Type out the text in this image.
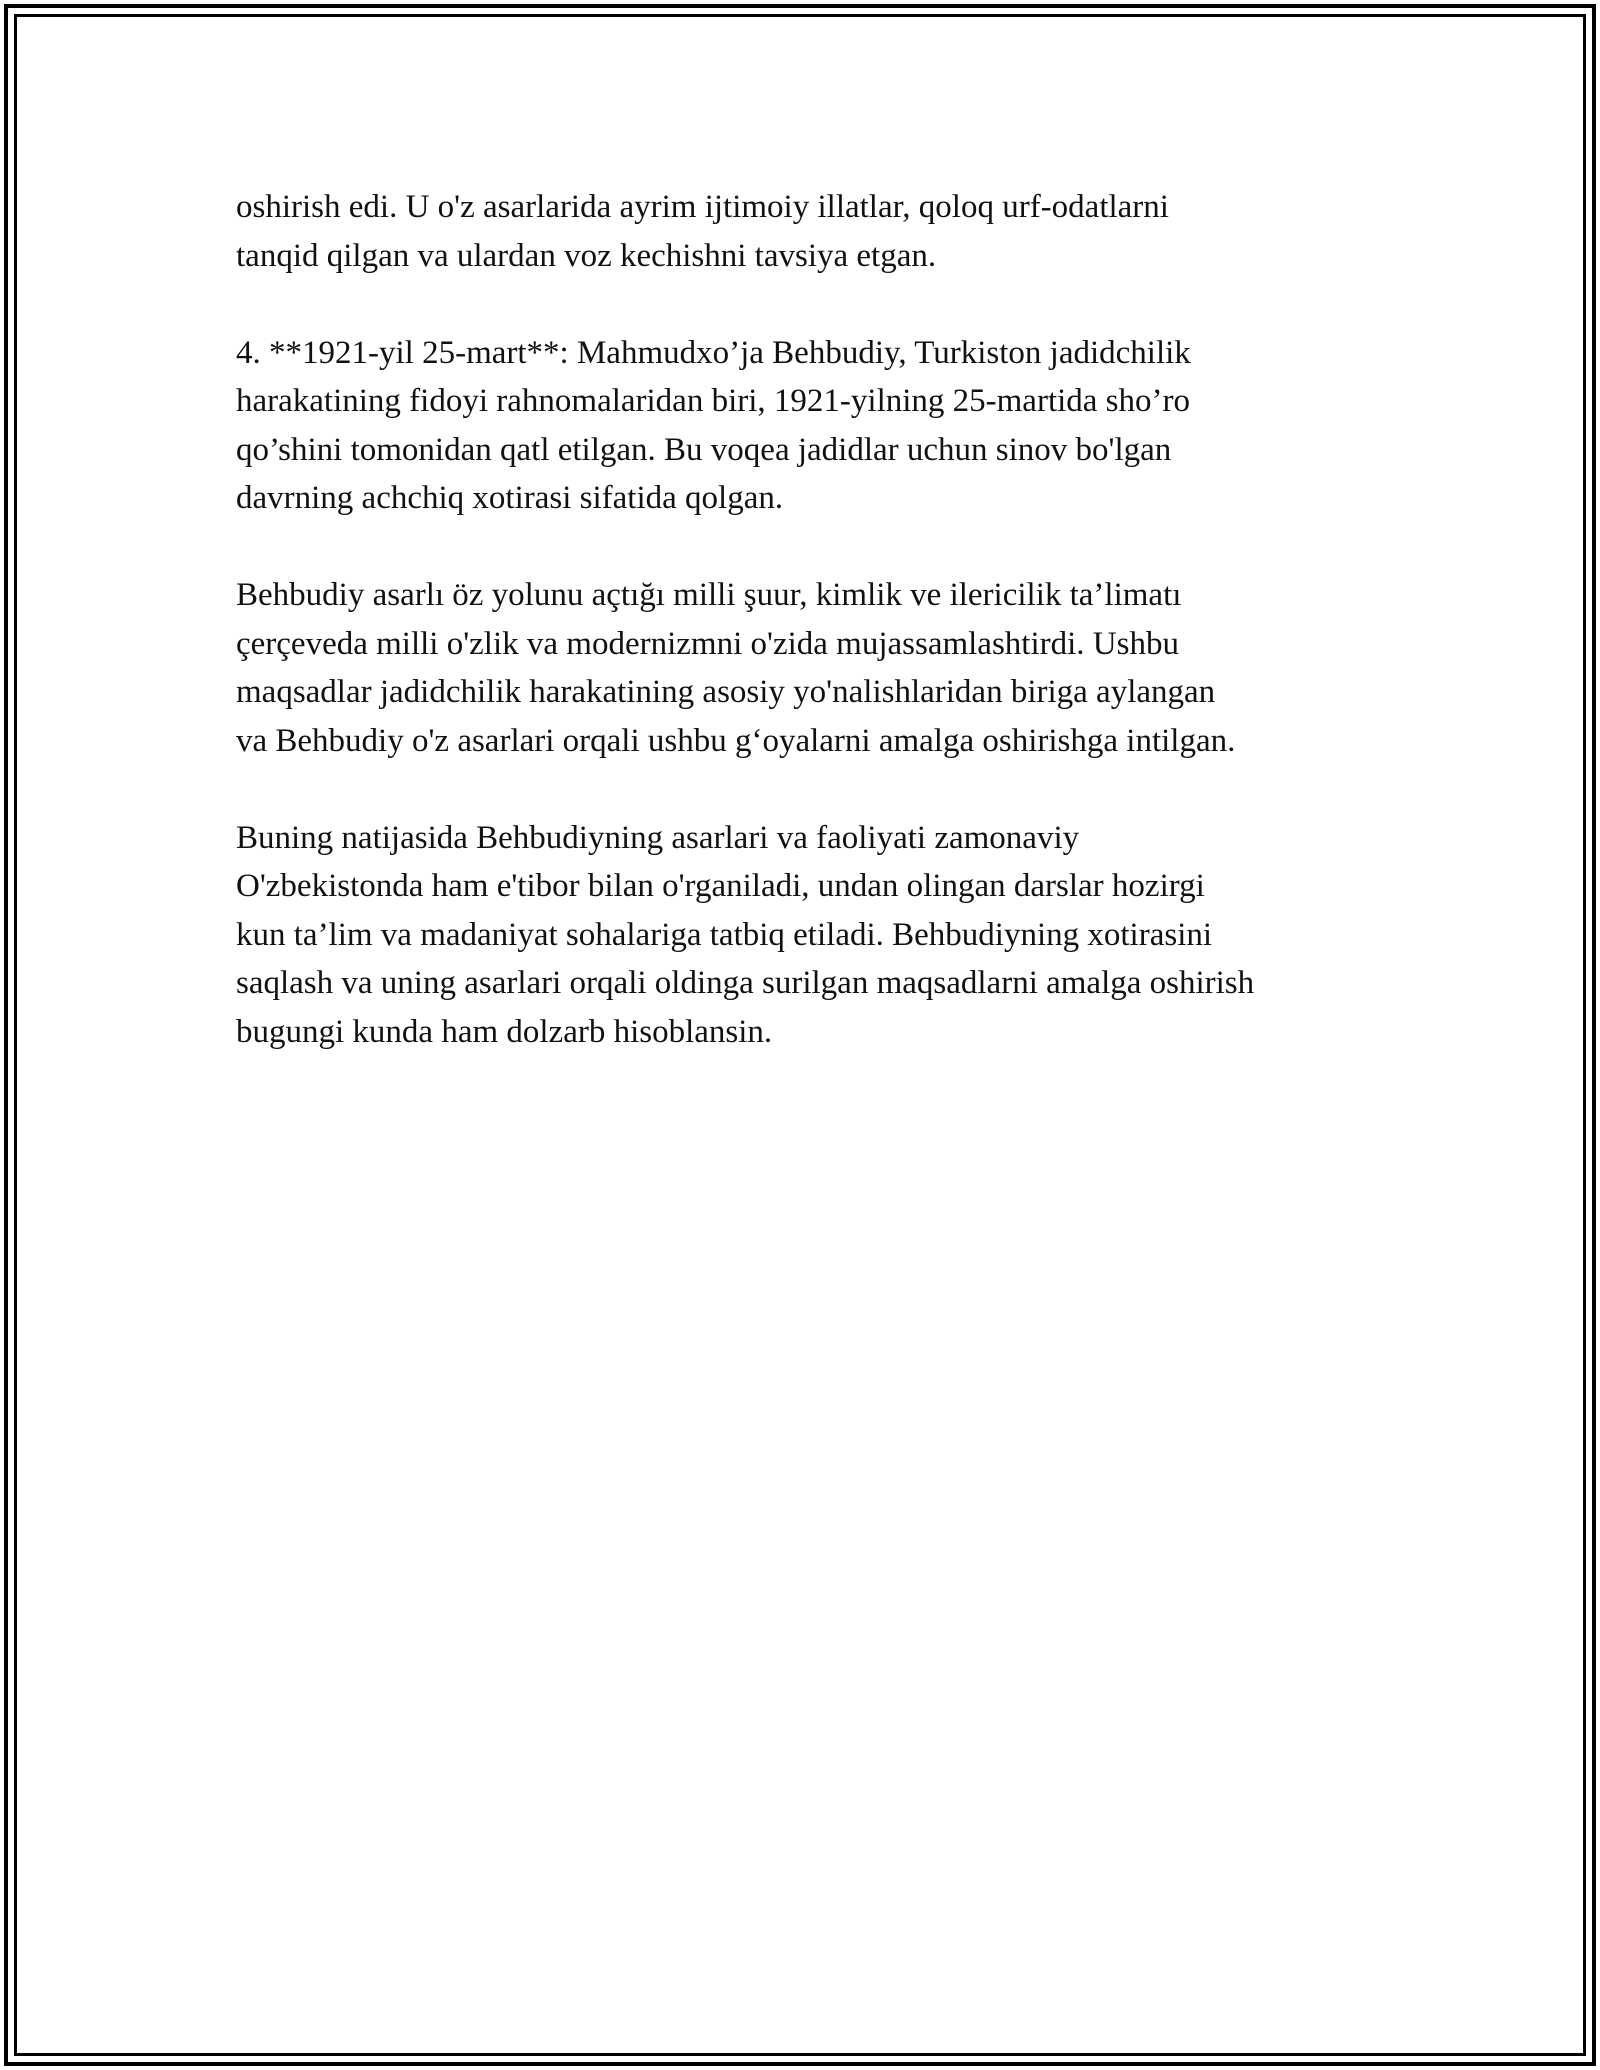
oshirish edi. U o'z asarlarida ayrim ijtimoiy illatlar, qoloq urf-odatlarni
tanqid qilgan va ulardan voz kechishni tavsiya etgan.

4. **1921-yil 25-mart**: Mahmudxo’ja Behbudiy, Turkiston jadidchilik
harakatining fidoyi rahnomalaridan biri, 1921-yilning 25-martida sho’ro
qo’shini tomonidan qatl etilgan. Bu voqea jadidlar uchun sinov bo'lgan
davrning achchiq xotirasi sifatida qolgan.

Behbudiy asarlı öz yolunu açtığı milli şuur, kimlik ve ilericilik ta’limatı
çerçeveda milli o'zlik va modernizmni o'zida mujassamlashtirdi. Ushbu
maqsadlar jadidchilik harakatining asosiy yo'nalishlaridan biriga aylangan
va Behbudiy o'z asarlari orqali ushbu g‘oyalarni amalga oshirishga intilgan.

Buning natijasida Behbudiyning asarlari va faoliyati zamonaviy
O'zbekistonda ham e'tibor bilan o'rganiladi, undan olingan darslar hozirgi
kun ta’lim va madaniyat sohalariga tatbiq etiladi. Behbudiyning xotirasini
saqlash va uning asarlari orqali oldinga surilgan maqsadlarni amalga oshirish
bugungi kunda ham dolzarb hisoblansin.
